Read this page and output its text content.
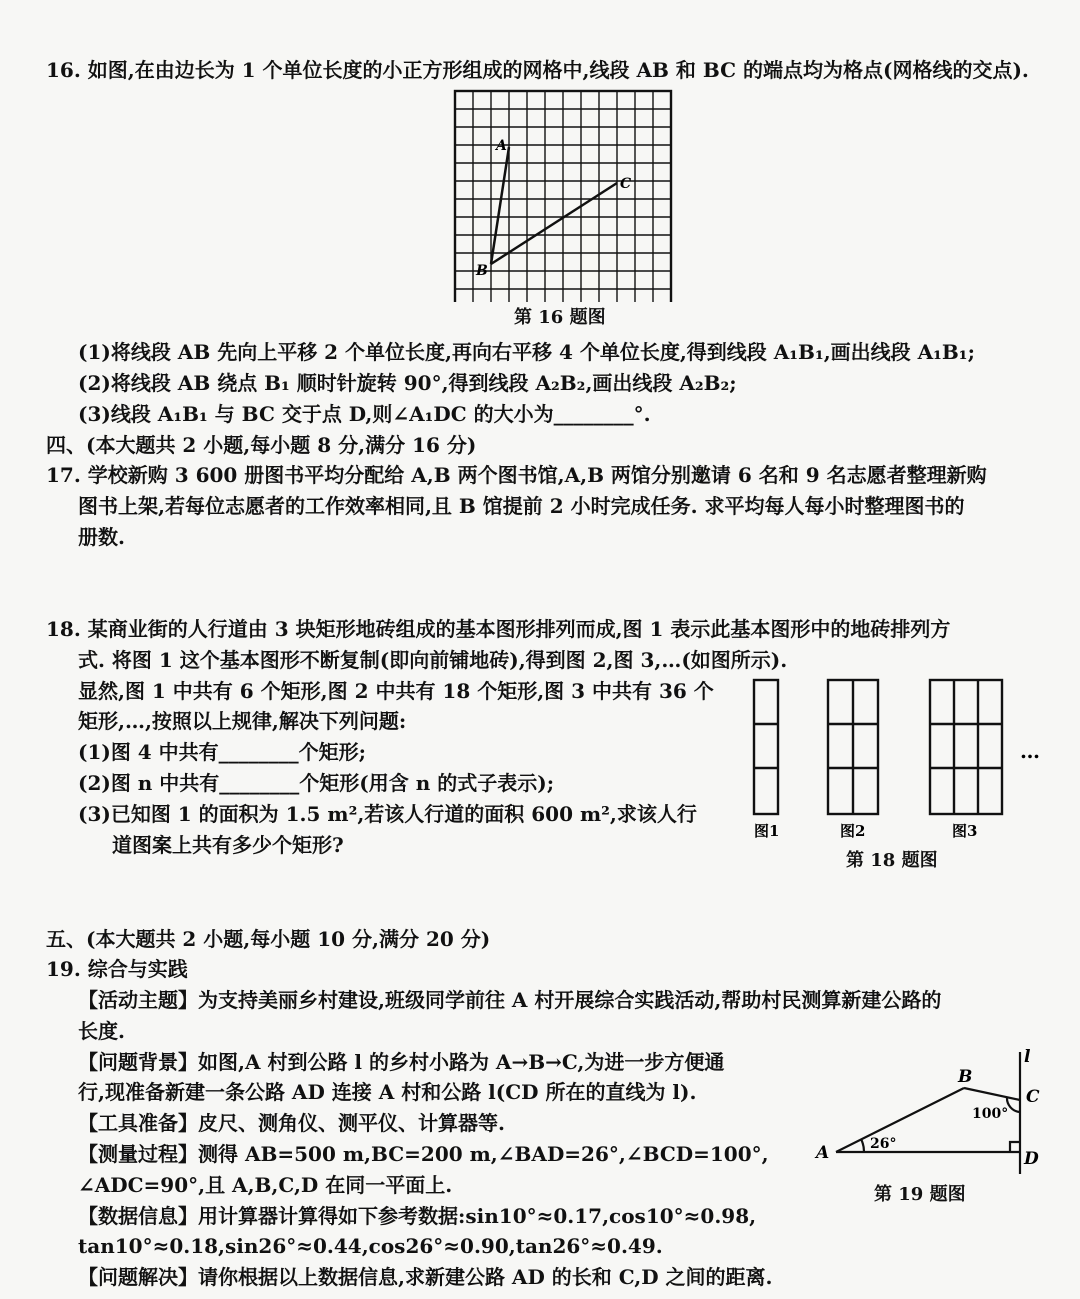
16. 如图,在由边长为 1 个单位长度的小正方形组成的网格中,线段 AB 和 BC 的端点均为格点(网格线的交点).
A
B
C
第 16 题图
(1)将线段 AB 先向上平移 2 个单位长度,再向右平移 4 个单位长度,得到线段 A₁B₁,画出线段 A₁B₁;
(2)将线段 AB 绕点 B₁ 顺时针旋转 90°,得到线段 A₂B₂,画出线段 A₂B₂;
(3)线段 A₁B₁ 与 BC 交于点 D,则∠A₁DC 的大小为________°.
四、(本大题共 2 小题,每小题 8 分,满分 16 分)
17. 学校新购 3 600 册图书平均分配给 A,B 两个图书馆,A,B 两馆分别邀请 6 名和 9 名志愿者整理新购
图书上架,若每位志愿者的工作效率相同,且 B 馆提前 2 小时完成任务. 求平均每人每小时整理图书的
册数.
18. 某商业街的人行道由 3 块矩形地砖组成的基本图形排列而成,图 1 表示此基本图形中的地砖排列方
式. 将图 1 这个基本图形不断复制(即向前铺地砖),得到图 2,图 3,…(如图所示).
显然,图 1 中共有 6 个矩形,图 2 中共有 18 个矩形,图 3 中共有 36 个
矩形,…,按照以上规律,解决下列问题:
(1)图 4 中共有________个矩形;
(2)图 n 中共有________个矩形(用含 n 的式子表示);
(3)已知图 1 的面积为 1.5 m²,若该人行道的面积 600 m²,求该人行
道图案上共有多少个矩形?
…
图1	图2	图3
第 18 题图
五、(本大题共 2 小题,每小题 10 分,满分 20 分)
19. 综合与实践
【活动主题】为支持美丽乡村建设,班级同学前往 A 村开展综合实践活动,帮助村民测算新建公路的
长度.
【问题背景】如图,A 村到公路 l 的乡村小路为 A→B→C,为进一步方便通
行,现准备新建一条公路 AD 连接 A 村和公路 l(CD 所在的直线为 l).
【工具准备】皮尺、测角仪、测平仪、计算器等.
【测量过程】测得 AB=500 m,BC=200 m,∠BAD=26°,∠BCD=100°,
∠ADC=90°,且 A,B,C,D 在同一平面上.
【数据信息】用计算器计算得如下参考数据:sin10°≈0.17,cos10°≈0.98,
tan10°≈0.18,sin26°≈0.44,cos26°≈0.90,tan26°≈0.49.
【问题解决】请你根据以上数据信息,求新建公路 AD 的长和 C,D 之间的距离.
l
B
C
A	D
100°
26°
第 19 题图
